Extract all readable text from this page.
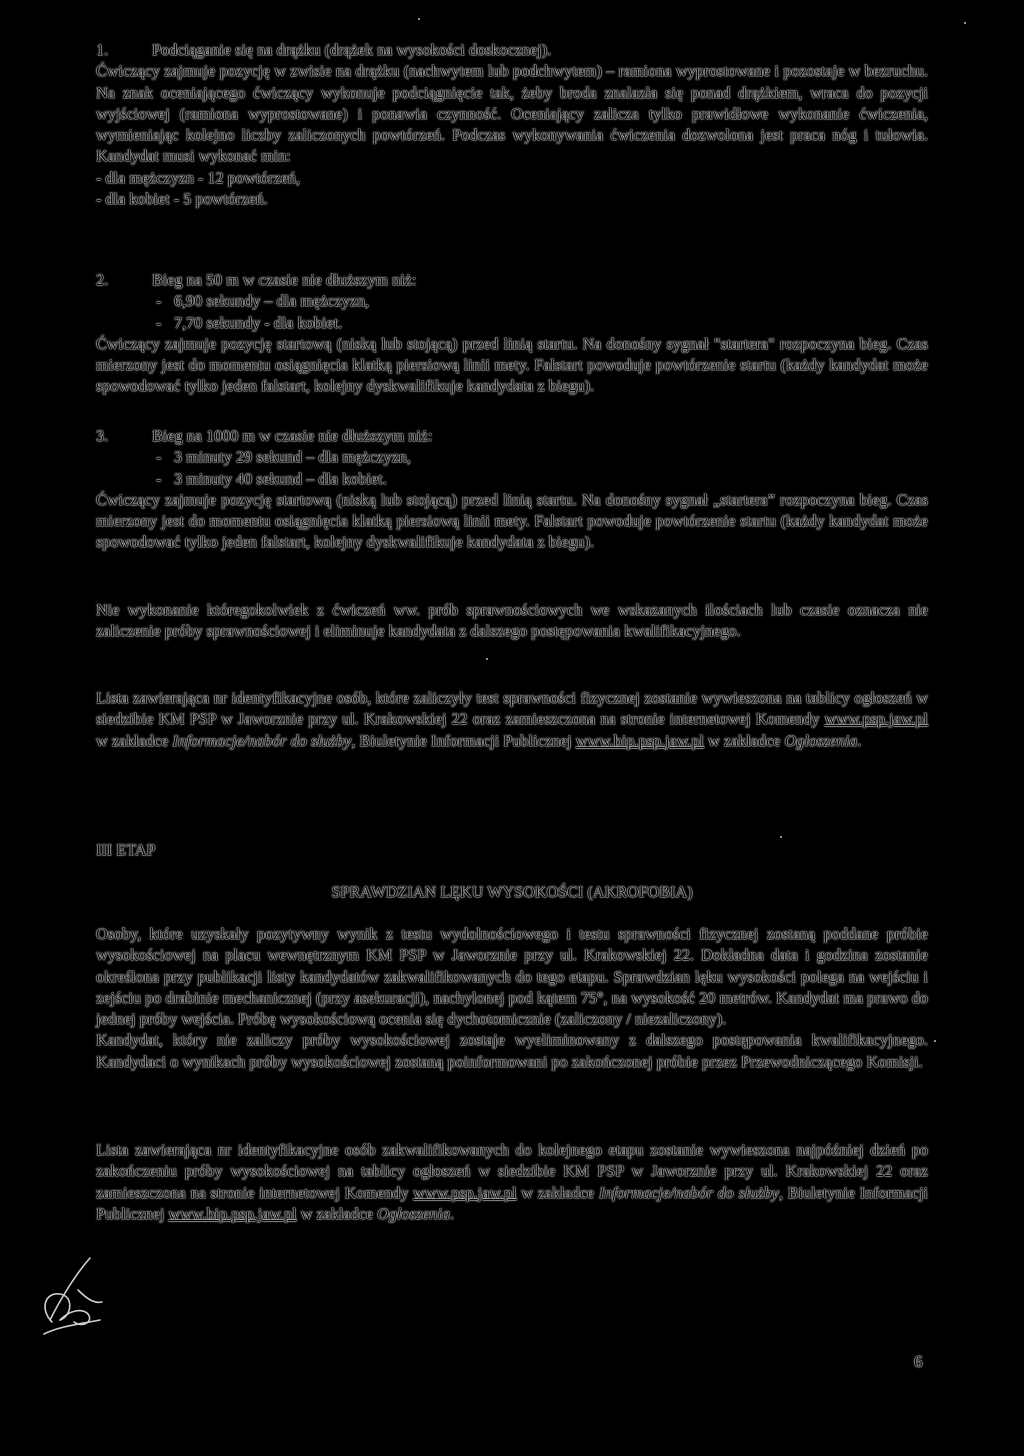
1.	Podciąganie się na drążku (drążek na wysokości doskocznej).

Ćwiczący zajmuje pozycję w zwisie na drążku (nachwytem lub podchwytem) – ramiona wyprostowane i pozostaje w bezruchu. Na znak oceniającego ćwiczący wykonuje podciągnięcie tak, żeby broda znalazła się ponad drążkiem, wraca do pozycji wyjściowej (ramiona wyprostowane) i ponawia czynność. Oceniający zalicza tylko prawidłowe wykonanie ćwiczenia, wymieniając kolejno liczby zaliczonych powtórzeń. Podczas wykonywania ćwiczenia dozwolona jest praca nóg i tułowia. Kandydat musi wykonać min:

- dla mężczyzn - 12 powtórzeń,

- dla kobiet - 5 powtórzeń.

2.	Bieg na 50 m w czasie nie dłuższym niż:

- 6,90 sekundy – dla mężczyzn,

- 7,70 sekundy - dla kobiet.

Ćwiczący zajmuje pozycję startową (niską lub stojącą) przed linią startu. Na donośny sygnał "startera" rozpoczyna bieg. Czas mierzony jest do momentu osiągnięcia klatką piersiową linii mety. Falstart powoduje powtórzenie startu (każdy kandydat może spowodować tylko jeden falstart, kolejny dyskwalifikuje kandydata z biegu).

3.	Bieg na 1000 m w czasie nie dłuższym niż:

- 3 minuty 29 sekund – dla mężczyzn,

- 3 minuty 40 sekund – dla kobiet.

Ćwiczący zajmuje pozycję startową (niską lub stojącą) przed linią startu. Na donośny sygnał „startera” rozpoczyna bieg. Czas mierzony jest do momentu osiągnięcia klatką piersiową linii mety. Falstart powoduje powtórzenie startu (każdy kandydat może spowodować tylko jeden falstart, kolejny dyskwalifikuje kandydata z biegu).

Nie wykonanie któregokolwiek z ćwiczeń ww. prób sprawnościowych we wskazanych ilościach lub czasie oznacza nie zaliczenie próby sprawnościowej i eliminuje kandydata z dalszego postępowania kwalifikacyjnego.

Lista zawierająca nr identyfikacyjne osób, które zaliczyły test sprawności fizycznej zostanie wywieszona na tablicy ogłoszeń w siedzibie KM PSP w Jaworznie przy ul. Krakowskiej 22 oraz zamieszczona na stronie internetowej Komendy www.psp.jaw.pl w zakładce Informacje/nabór do służby, Biuletynie Informacji Publicznej www.bip.psp.jaw.pl w zakładce Ogłoszenia.

III ETAP

SPRAWDZIAN LĘKU WYSOKOŚCI (AKROFOBIA)

Osoby, które uzyskały pozytywny wynik z testu wydolnościowego i testu sprawności fizycznej zostaną poddane próbie wysokościowej na placu wewnętrznym KM PSP w Jaworznie przy ul. Krakowskiej 22. Dokładna data i godzina zostanie określona przy publikacji listy kandydatów zakwalifikowanych do tego etapu. Sprawdzian lęku wysokości polega na wejściu i zejściu po drabinie mechanicznej (przy asekuracji), nachylonej pod kątem 75°, na wysokość 20 metrów. Kandydat ma prawo do jednej próby wejścia. Próbę wysokościową ocenia się dychotomicznie (zaliczony / niezaliczony).

Kandydat, który nie zaliczy próby wysokościowej zostaje wyeliminowany z dalszego postępowania kwalifikacyjnego. Kandydaci o wynikach próby wysokościowej zostaną poinformowani po zakończonej próbie przez Przewodniczącego Komisji.

Lista zawierająca nr identyfikacyjne osób zakwalifikowanych do kolejnego etapu zostanie wywieszona najpóźniej dzień po zakończeniu próby wysokościowej na tablicy ogłoszeń w siedzibie KM PSP w Jaworznie przy ul. Krakowskiej 22 oraz zamieszczona na stronie internetowej Komendy www.psp.jaw.pl w zakładce Informacje/nabór do służby, Biuletynie Informacji Publicznej www.bip.psp.jaw.pl w zakładce Ogłoszenia.

6
